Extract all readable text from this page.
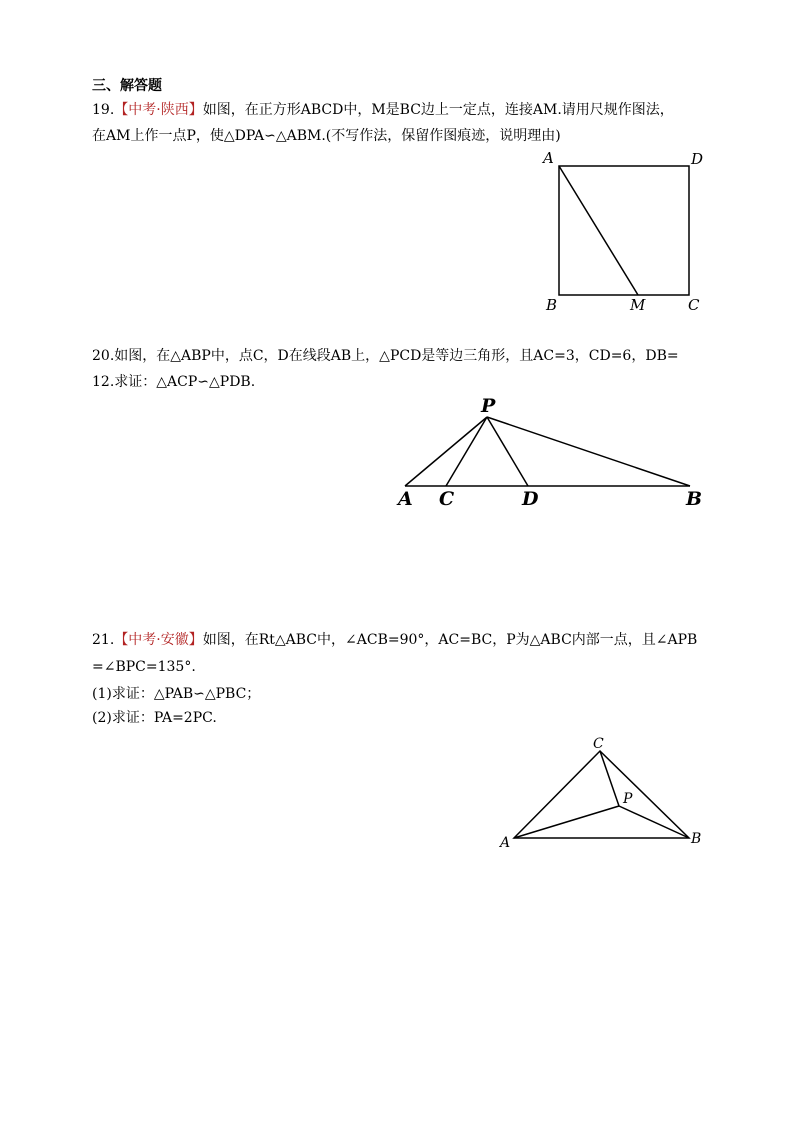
三、解答题
19.【中考·陕西】如图，在正方形ABCD中，M是BC边上一定点，连接AM.请用尺规作图法，
在AM上作一点P，使△DPA∽△ABM.(不写作法，保留作图痕迹，说明理由)
A	D
B	M	C
20.如图，在△ABP中，点C，D在线段AB上，△PCD是等边三角形，且AC=3，CD=6，DB=
12.求证：△ACP∽△PDB.
P
A C	D	B
21.【中考·安徽】如图，在Rt△ABC中，∠ACB=90°，AC=BC，P为△ABC内部一点，且∠APB
=∠BPC=135°.
(1)求证：△PAB∽△PBC；
(2)求证：PA=2PC.
C
P
A	B
